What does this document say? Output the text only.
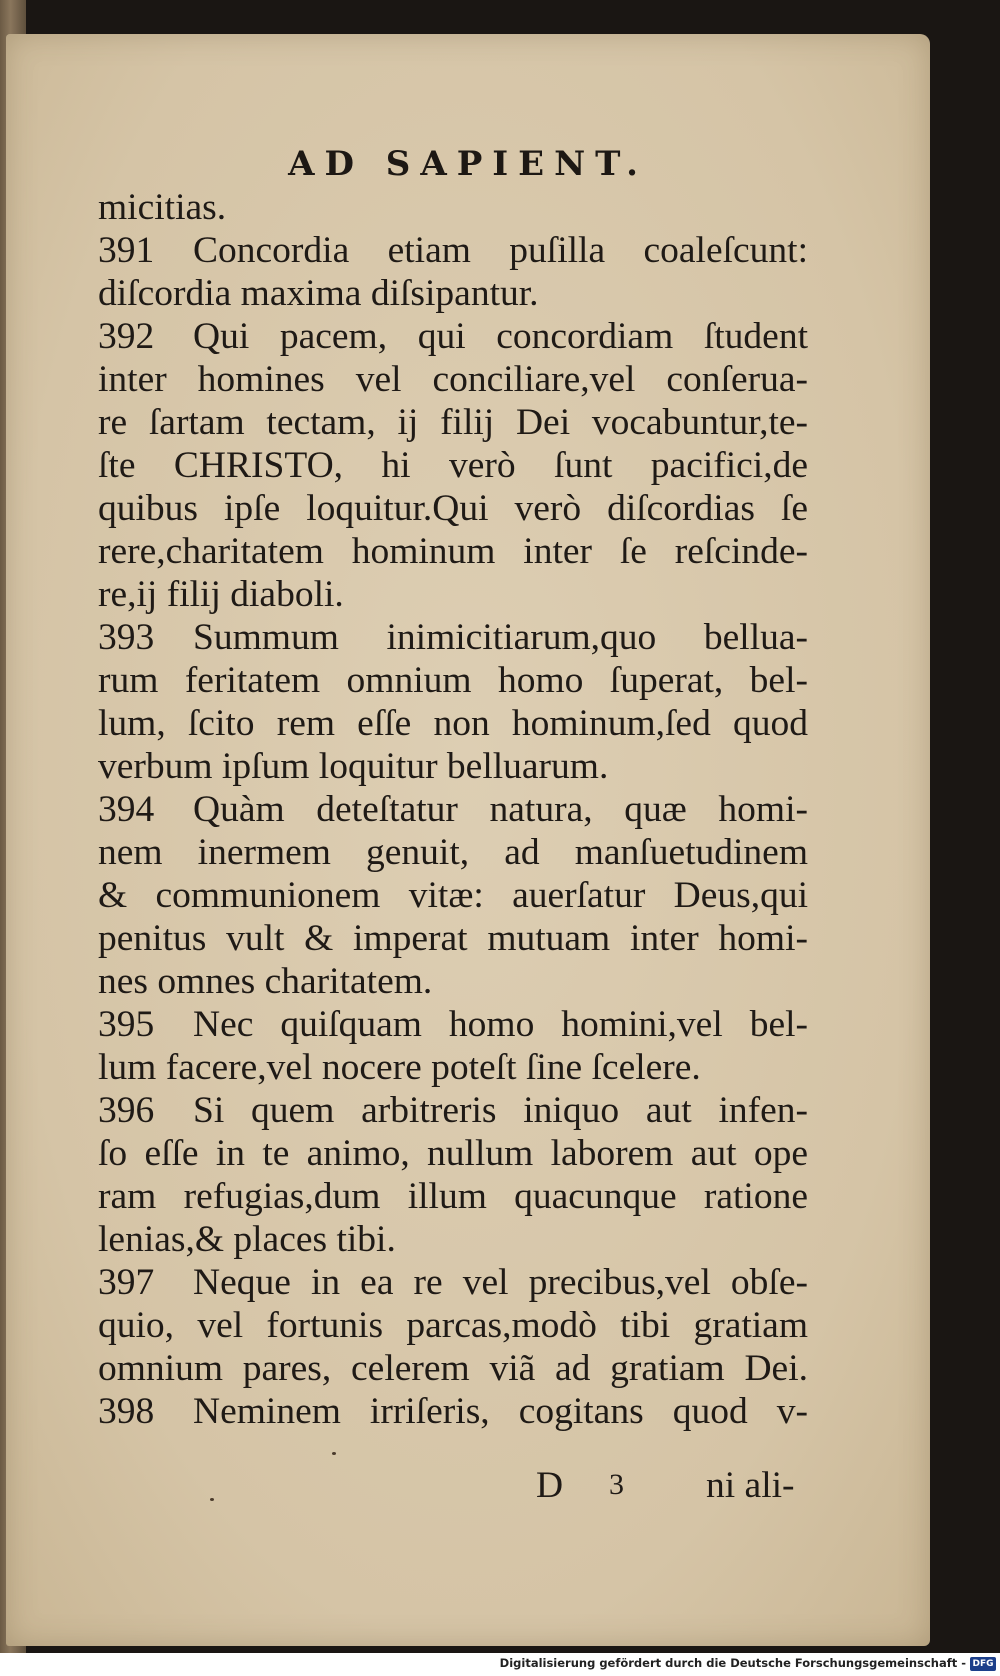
AD SAPIENT.
micitias.
391 Concordia etiam puſilla coaleſcunt:
diſcordia maxima diſsipantur.
392 Qui pacem, qui concordiam ſtudent
inter homines vel conciliare,vel conſerua-
re ſartam tectam, ij filij Dei vocabuntur,te-
ſte CHRISTO, hi verò ſunt pacifici,de
quibus ipſe loquitur.Qui verò diſcordias ſe
rere,charitatem hominum inter ſe reſcinde-
re,ij filij diaboli.
393 Summum inimicitiarum,quo bellua-
rum feritatem omnium homo ſuperat, bel-
lum, ſcito rem eſſe non hominum,ſed quod
verbum ipſum loquitur belluarum.
394 Quàm deteſtatur natura, quæ homi-
nem inermem genuit, ad manſuetudinem
& communionem vitæ: auerſatur Deus,qui
penitus vult & imperat mutuam inter homi-
nes omnes charitatem.
395 Nec quiſquam homo homini,vel bel-
lum facere,vel nocere poteſt ſine ſcelere.
396 Si quem arbitreris iniquo aut infen-
ſo eſſe in te animo, nullum laborem aut ope
ram refugias,dum illum quacunque ratione
lenias,& places tibi.
397 Neque in ea re vel precibus,vel obſe-
quio, vel fortunis parcas,modò tibi gratiam
omnium pares, celerem viã ad gratiam Dei.
398 Neminem irriſeris, cogitans quod v-
D 3 ni ali-
Digitalisierung gefördert durch die Deutsche Forschungsgemeinschaft - DFG
